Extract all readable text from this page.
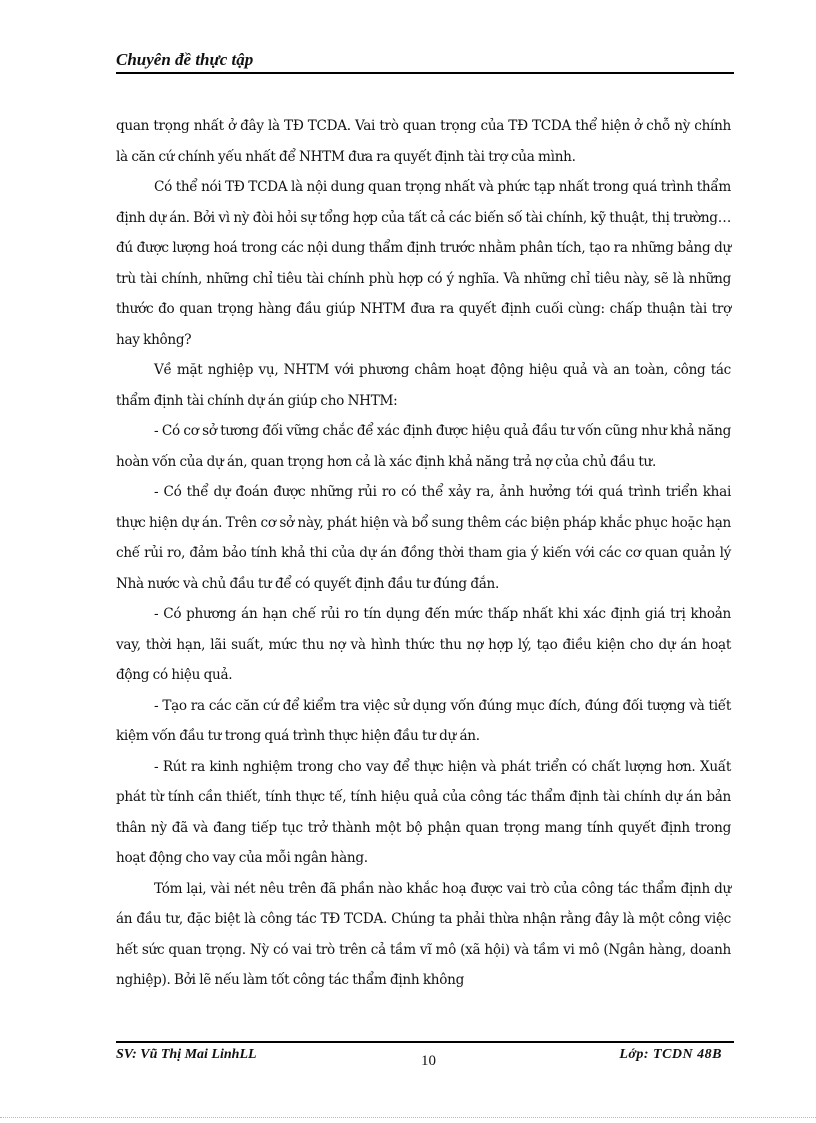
Chuyên đề thực tập

quan trọng nhất ở đây là TĐ TCDA. Vai trò quan trọng của TĐ TCDA thể hiện ở chỗ nỳ chính là căn cứ chính yếu nhất để NHTM đưa ra quyết định tài trợ của mình.

Có thể nói TĐ TCDA là nội dung quan trọng nhất và phức tạp nhất trong quá trình thẩm định dự án. Bởi vì nỳ đòi hỏi sự tổng hợp của tất cả các biến số tài chính, kỹ thuật, thị trường…đú được lượng hoá trong các nội dung thẩm định trước nhằm phân tích, tạo ra những bảng dự trù tài chính, những chỉ tiêu tài chính phù hợp có ý nghĩa. Và những chỉ tiêu này, sẽ là những thước đo quan trọng hàng đầu giúp NHTM đưa ra quyết định cuối cùng: chấp thuận tài trợ hay không?

Về mặt nghiệp vụ, NHTM với phương châm hoạt động hiệu quả và an toàn, công tác thẩm định tài chính dự án giúp cho NHTM:

- Có cơ sở tương đối vững chắc để xác định được hiệu quả đầu tư vốn cũng như khả năng hoàn vốn của dự án, quan trọng hơn cả là xác định khả năng trả nợ của chủ đầu tư.

- Có thể dự đoán được những rủi ro có thể xảy ra, ảnh hưởng tới quá trình triển khai thực hiện dự án. Trên cơ sở này, phát hiện và bổ sung thêm các biện pháp khắc phục hoặc hạn chế rủi ro, đảm bảo tính khả thi của dự án đồng thời tham gia ý kiến với các cơ quan quản lý Nhà nước và chủ đầu tư để có quyết định đầu tư đúng đắn.

- Có phương án hạn chế rủi ro tín dụng đến mức thấp nhất khi xác định giá trị khoản vay, thời hạn, lãi suất, mức thu nợ và hình thức thu nợ hợp lý, tạo điều kiện cho dự án hoạt động có hiệu quả.

- Tạo ra các căn cứ để kiểm tra việc sử dụng vốn đúng mục đích, đúng đối tượng và tiết kiệm vốn đầu tư trong quá trình thực hiện đầu tư dự án.

- Rút ra kinh nghiệm trong cho vay để thực hiện và phát triển có chất lượng hơn. Xuất phát từ tính cần thiết, tính thực tế, tính hiệu quả của công tác thẩm định tài chính dự án bản thân nỳ đã và đang tiếp tục trở thành một bộ phận quan trọng mang tính quyết định trong hoạt động cho vay của mỗi ngân hàng.

Tóm lại, vài nét nêu trên đã phần nào khắc hoạ được vai trò của công tác thẩm định dự án đầu tư, đặc biệt là công tác TĐ TCDA. Chúng ta phải thừa nhận rằng đây là một công việc hết sức quan trọng. Nỳ có vai trò trên cả tầm vĩ mô (xã hội) và tầm vi mô (Ngân hàng, doanh nghiệp). Bởi lẽ nếu làm tốt công tác thẩm định không

SV: Vũ Thị Mai LinhLL	10	Lớp: TCDN 48B
